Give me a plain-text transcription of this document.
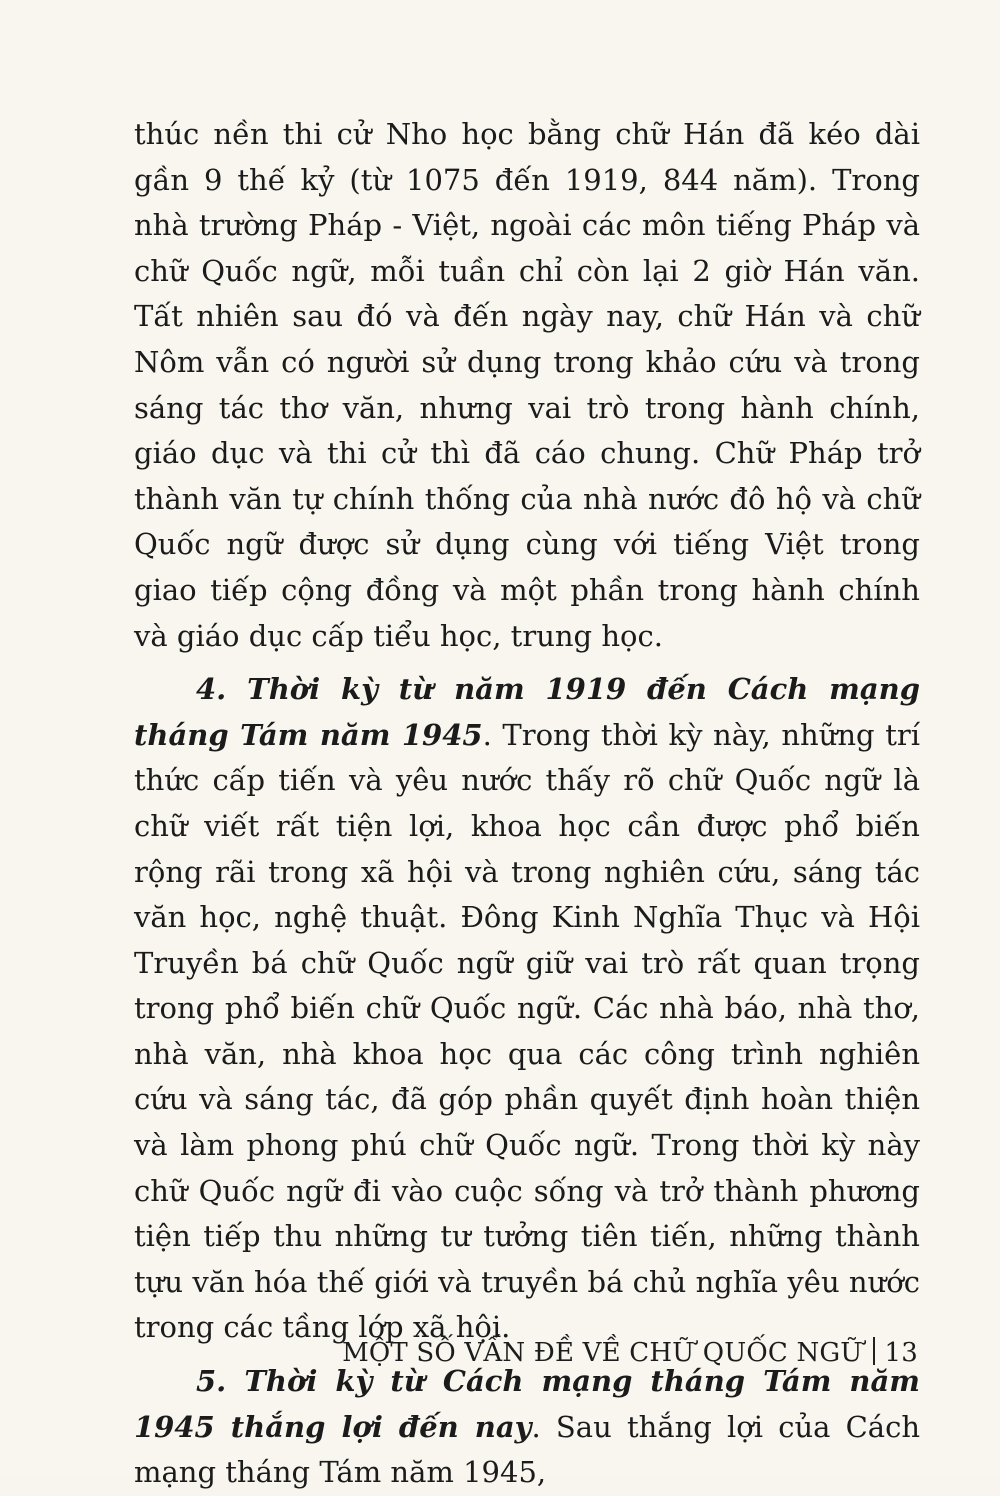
thúc nền thi cử Nho học bằng chữ Hán đã kéo dài gần 9 thế kỷ (từ 1075 đến 1919, 844 năm). Trong nhà trường Pháp - Việt, ngoài các môn tiếng Pháp và chữ Quốc ngữ, mỗi tuần chỉ còn lại 2 giờ Hán văn. Tất nhiên sau đó và đến ngày nay, chữ Hán và chữ Nôm vẫn có người sử dụng trong khảo cứu và trong sáng tác thơ văn, nhưng vai trò trong hành chính, giáo dục và thi cử thì đã cáo chung. Chữ Pháp trở thành văn tự chính thống của nhà nước đô hộ và chữ Quốc ngữ được sử dụng cùng với tiếng Việt trong giao tiếp cộng đồng và một phần trong hành chính và giáo dục cấp tiểu học, trung học.

4. Thời kỳ từ năm 1919 đến Cách mạng tháng Tám năm 1945. Trong thời kỳ này, những trí thức cấp tiến và yêu nước thấy rõ chữ Quốc ngữ là chữ viết rất tiện lợi, khoa học cần được phổ biến rộng rãi trong xã hội và trong nghiên cứu, sáng tác văn học, nghệ thuật. Đông Kinh Nghĩa Thục và Hội Truyền bá chữ Quốc ngữ giữ vai trò rất quan trọng trong phổ biến chữ Quốc ngữ. Các nhà báo, nhà thơ, nhà văn, nhà khoa học qua các công trình nghiên cứu và sáng tác, đã góp phần quyết định hoàn thiện và làm phong phú chữ Quốc ngữ. Trong thời kỳ này chữ Quốc ngữ đi vào cuộc sống và trở thành phương tiện tiếp thu những tư tưởng tiên tiến, những thành tựu văn hóa thế giới và truyền bá chủ nghĩa yêu nước trong các tầng lớp xã hội.

5. Thời kỳ từ Cách mạng tháng Tám năm 1945 thắng lợi đến nay. Sau thắng lợi của Cách mạng tháng Tám năm 1945,

MỘT SỐ VẤN ĐỀ VỀ CHỮ QUỐC NGỮ 13
